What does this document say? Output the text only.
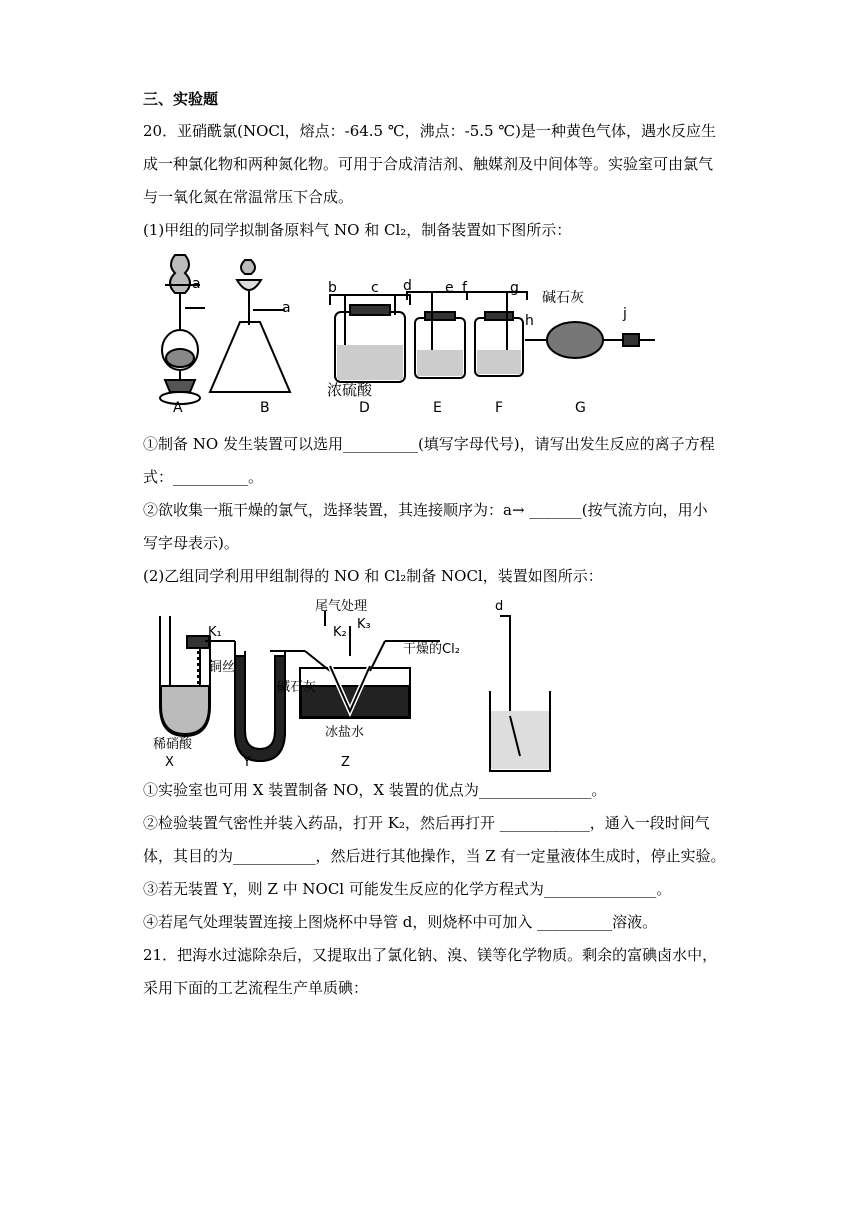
三、实验题
20．亚硝酰氯(NOCl，熔点：-64.5 ℃，沸点：-5.5 ℃)是一种黄色气体，遇水反应生
成一种氯化物和两种氮化物。可用于合成清洁剂、触媒剂及中间体等。实验室可由氯气
与一氧化氮在常温常压下合成。
(1)甲组的同学拟制备原料气 NO 和 Cl₂，制备装置如下图所示：
a
a
b c d e f	g
h	j
碱石灰
浓硫酸
A	B	D	E	F	G
①制备 NO 发生装置可以选用__________(填写字母代号)，请写出发生反应的离子方程
式：__________。
②欲收集一瓶干燥的氯气，选择装置，其连接顺序为：a→ _______(按气流方向，用小
写字母表示)。
(2)乙组同学利用甲组制得的 NO 和 Cl₂制备 NOCl，装置如图所示：
尾气处理
K₁	K₂
K₃
干燥的Cl₂
铜丝
碱石灰
稀硝酸
冰盐水
d
X	Y	Z
①实验室也可用 X 装置制备 NO，X 装置的优点为_______________。
②检验装置气密性并装入药品，打开 K₂，然后再打开 ____________，通入一段时间气
体，其目的为___________，然后进行其他操作，当 Z 有一定量液体生成时，停止实验。
③若无装置 Y，则 Z 中 NOCl 可能发生反应的化学方程式为_______________。
④若尾气处理装置连接上图烧杯中导管 d，则烧杯中可加入 __________溶液。
21．把海水过滤除杂后，又提取出了氯化钠、溴、镁等化学物质。剩余的富碘卤水中，
采用下面的工艺流程生产单质碘：
